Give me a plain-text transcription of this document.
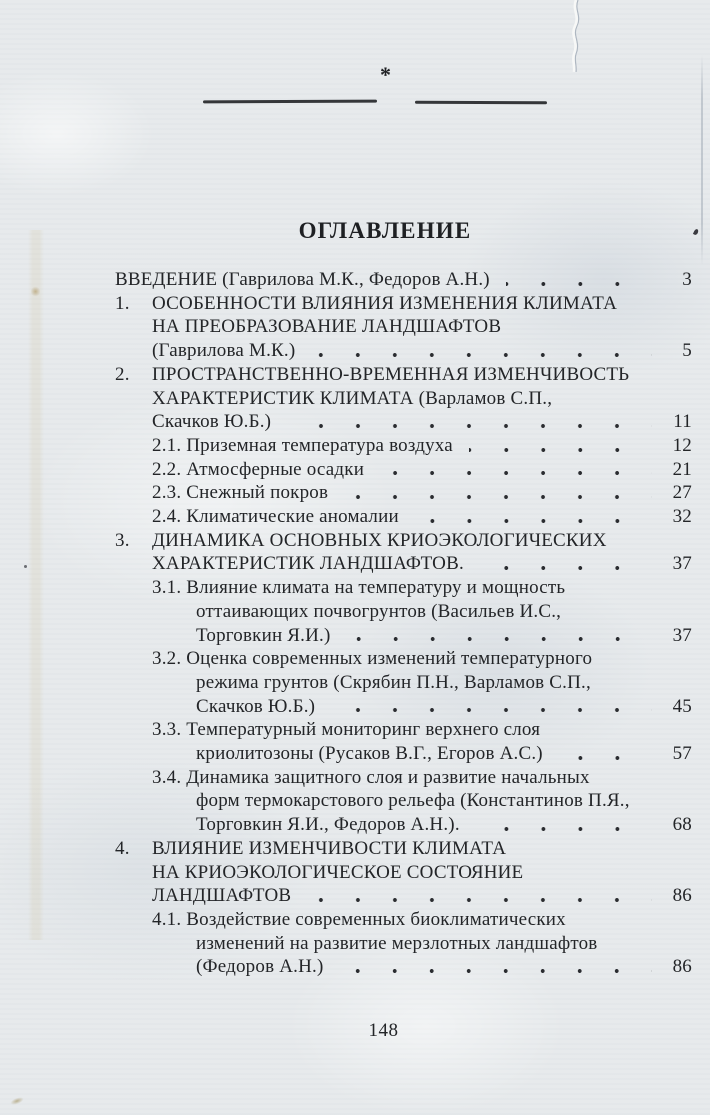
*
ОГЛАВЛЕНИЕ
ВВЕДЕНИЕ (Гаврилова М.К., Федоров А.Н.)	3
1.	ОСОБЕННОСТИ ВЛИЯНИЯ ИЗМЕНЕНИЯ КЛИМАТА
НА ПРЕОБРАЗОВАНИЕ ЛАНДШАФТОВ
(Гаврилова М.К.)	5
2.	ПРОСТРАНСТВЕННО-ВРЕМЕННАЯ ИЗМЕНЧИВОСТЬ
ХАРАКТЕРИСТИК КЛИМАТА (Варламов С.П.,
Скачков Ю.Б.)	11
2.1. Приземная температура воздуха	12
2.2. Атмосферные осадки	21
2.3. Снежный покров	27
2.4. Климатические аномалии	32
3.	ДИНАМИКА ОСНОВНЫХ КРИОЭКОЛОГИЧЕСКИХ
ХАРАКТЕРИСТИК ЛАНДШАФТОВ.	37
3.1. Влияние климата на температуру и мощность
оттаивающих почвогрунтов (Васильев И.С.,
Торговкин Я.И.)	37
3.2. Оценка современных изменений температурного
режима грунтов (Скрябин П.Н., Варламов С.П.,
Скачков Ю.Б.)	45
3.3. Температурный мониторинг верхнего слоя
криолитозоны (Русаков В.Г., Егоров А.С.)	57
3.4. Динамика защитного слоя и развитие начальных
форм термокарстового рельефа (Константинов П.Я.,
Торговкин Я.И., Федоров А.Н.).	68
4.	ВЛИЯНИЕ ИЗМЕНЧИВОСТИ КЛИМАТА
НА КРИОЭКОЛОГИЧЕСКОЕ СОСТОЯНИЕ
ЛАНДШАФТОВ	86
4.1. Воздействие современных биоклиматических
изменений на развитие мерзлотных ландшафтов
(Федоров А.Н.)	86
148
